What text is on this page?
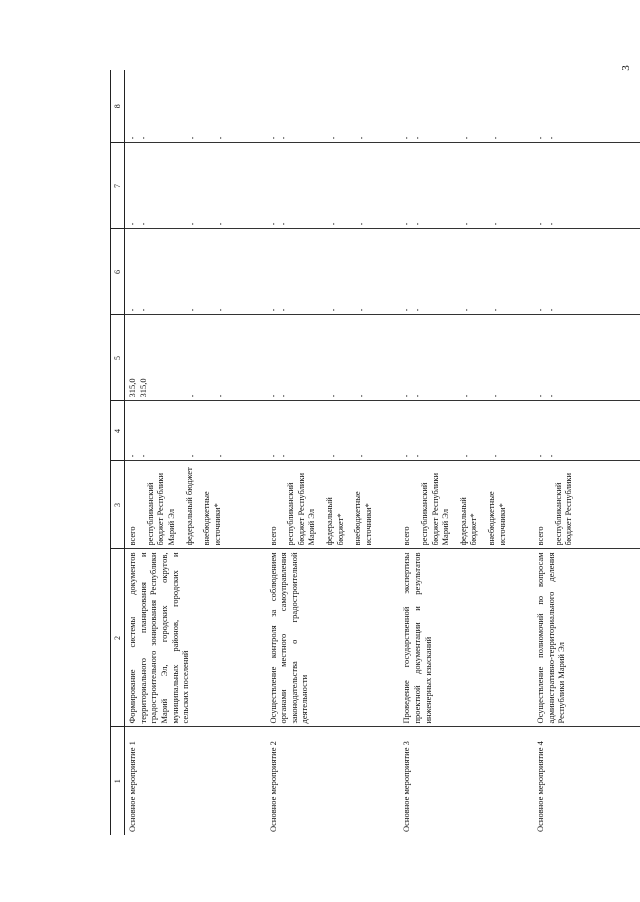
3
1	2	3	4	5	6	7	8
Основное мероприятие 1	Формирование системы документов территориального планирования и градостроительного зонирования Республики Марий Эл, городских округов, муниципальных районов, городских и сельских поселений	всего республиканский бюджет Республики Марий Эл федеральный бюджет внебюджетные источники*	- - - -	315,0 315,0 - -	- - - -	- - - -	- - - -

Основное мероприятие 2	Осуществление контроля за соблюдением органами местного самоуправления законодательства о градостроительной деятельности	всего республиканский бюджет Республики Марий Эл федеральный бюджет* внебюджетные источники*	- - - -	- - - -	- - - -	- - - -	- - - -

Основное мероприятие 3	Проведение государственной экспертизы проектной документации и результатов инженерных изысканий	всего республиканский бюджет Республики Марий Эл федеральный бюджет* внебюджетные источники*	- - - -	- - - -	- - - -	- - - -	- - - -

Основное мероприятие 4	Осуществление полномочий по вопросам административно-территориального деления Республики Марий Эл	всего республиканский бюджет Республики	- -	- -	- -	- -	- -
